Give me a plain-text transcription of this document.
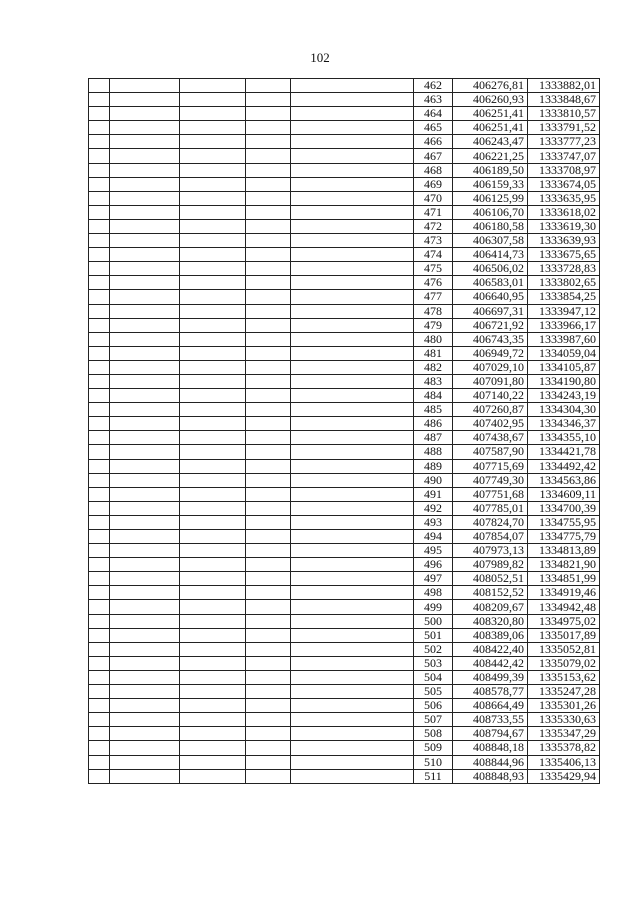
102
					462	406276,81	1333882,01
					463	406260,93	1333848,67
					464	406251,41	1333810,57
					465	406251,41	1333791,52
					466	406243,47	1333777,23
					467	406221,25	1333747,07
					468	406189,50	1333708,97
					469	406159,33	1333674,05
					470	406125,99	1333635,95
					471	406106,70	1333618,02
					472	406180,58	1333619,30
					473	406307,58	1333639,93
					474	406414,73	1333675,65
					475	406506,02	1333728,83
					476	406583,01	1333802,65
					477	406640,95	1333854,25
					478	406697,31	1333947,12
					479	406721,92	1333966,17
					480	406743,35	1333987,60
					481	406949,72	1334059,04
					482	407029,10	1334105,87
					483	407091,80	1334190,80
					484	407140,22	1334243,19
					485	407260,87	1334304,30
					486	407402,95	1334346,37
					487	407438,67	1334355,10
					488	407587,90	1334421,78
					489	407715,69	1334492,42
					490	407749,30	1334563,86
					491	407751,68	1334609,11
					492	407785,01	1334700,39
					493	407824,70	1334755,95
					494	407854,07	1334775,79
					495	407973,13	1334813,89
					496	407989,82	1334821,90
					497	408052,51	1334851,99
					498	408152,52	1334919,46
					499	408209,67	1334942,48
					500	408320,80	1334975,02
					501	408389,06	1335017,89
					502	408422,40	1335052,81
					503	408442,42	1335079,02
					504	408499,39	1335153,62
					505	408578,77	1335247,28
					506	408664,49	1335301,26
					507	408733,55	1335330,63
					508	408794,67	1335347,29
					509	408848,18	1335378,82
					510	408844,96	1335406,13
					511	408848,93	1335429,94
